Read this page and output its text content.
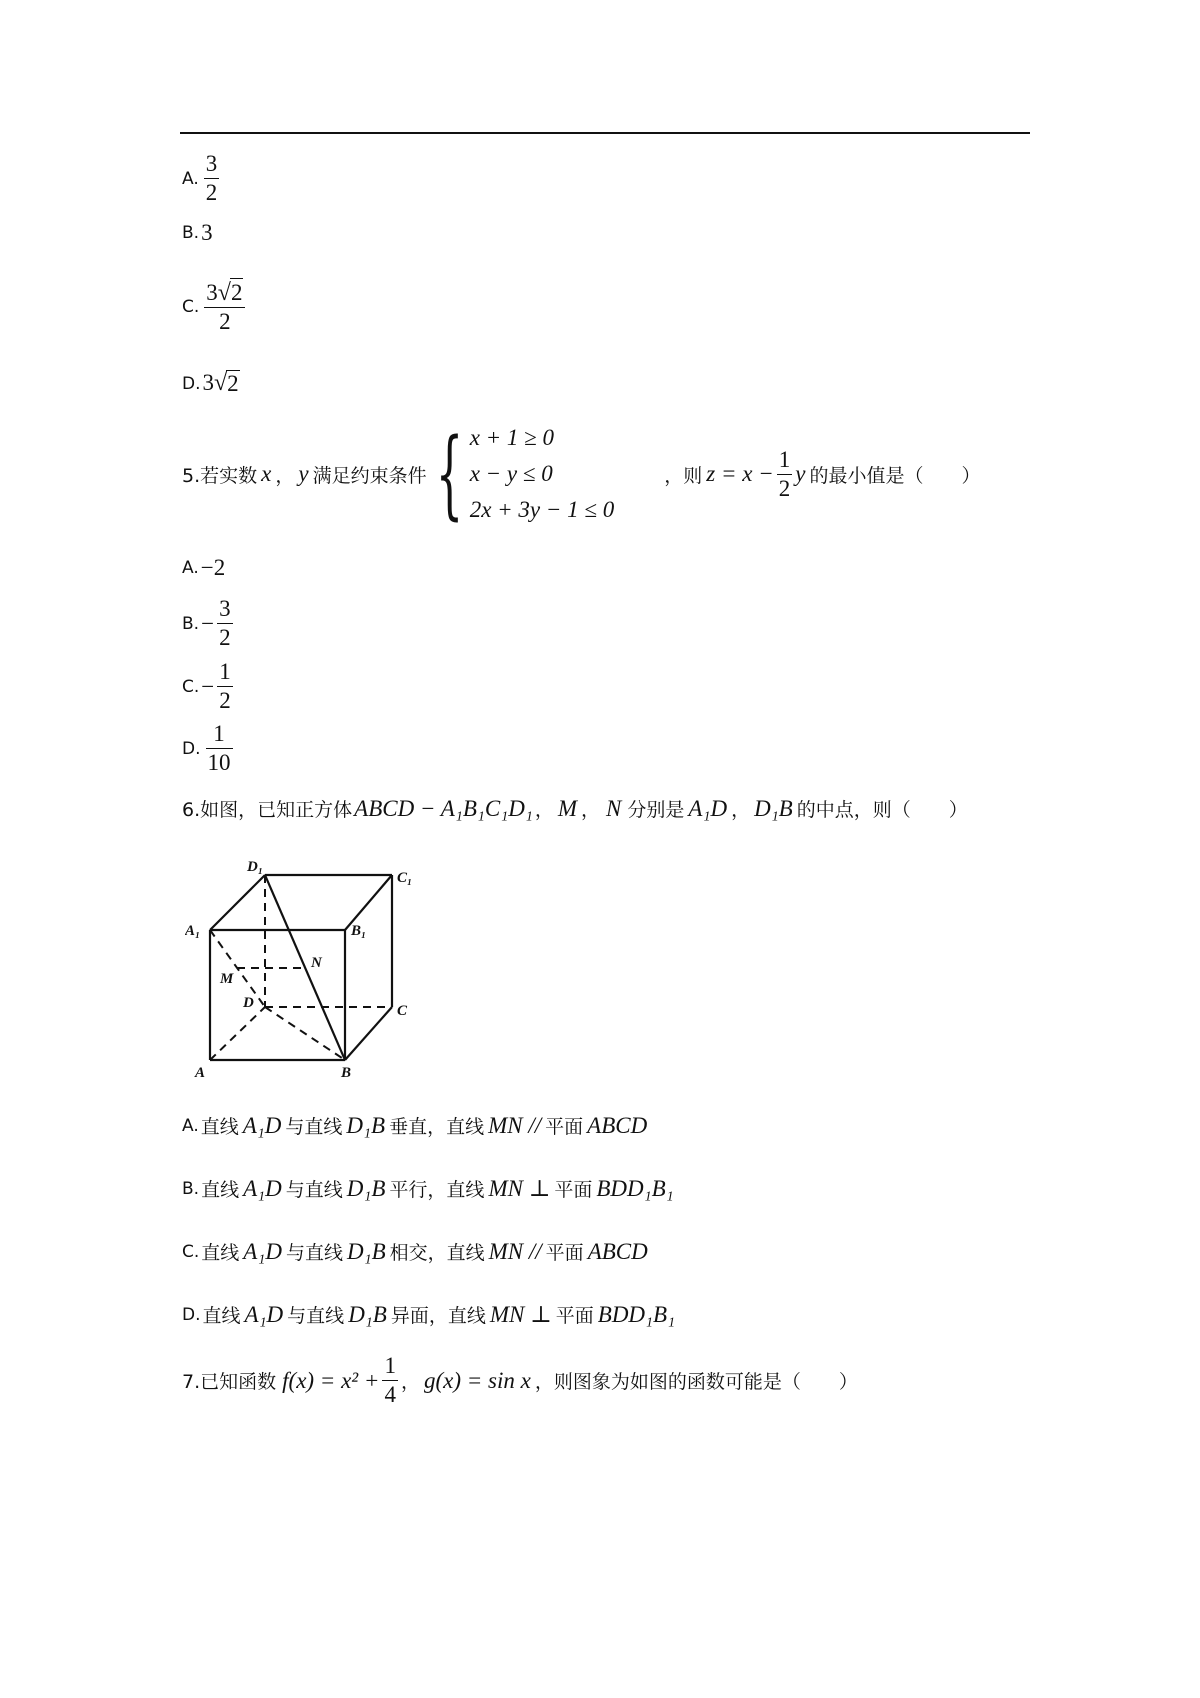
A. $\frac{3}{2}$
B. 3
C. $\frac{3 √ 2}{2}$
D. 3 √ 2
5.若实数 x ， y 满足约束条件 { x + 1 ≥ 0
x − y ≤ 0
2x + 3y − 1 ≤ 0
，则 $z = x - \frac{1}{2}$ y 的最小值是（　　）
A. −2
B. − $\frac{3}{2}$
C. − $\frac{1}{2}$
D. $\frac{1}{10}$
6.如图，已知正方体 ABCD − A₁B₁C₁D₁ ， M ， N 分别是 A₁D ， D₁B 的中点，则（　　）
D₁
C₁
A₁	B₁
N
M
D	C
A	B
A. 直线 A₁D 与直线 D₁B 垂直，直线 MN // 平面 ABCD
B. 直线 A₁D 与直线 D₁B 平行，直线 MN ⊥ 平面 BDD₁B₁
C. 直线 A₁D 与直线 D₁B 相交，直线 MN // 平面 ABCD
D. 直线 A₁D 与直线 D₁B 异面，直线 MN ⊥ 平面 BDD₁B₁
7.已知函数 $f(x) = x^2 + \frac{1}{4}$ ， g(x) = sin x ，则图象为如图的函数可能是（　　）
